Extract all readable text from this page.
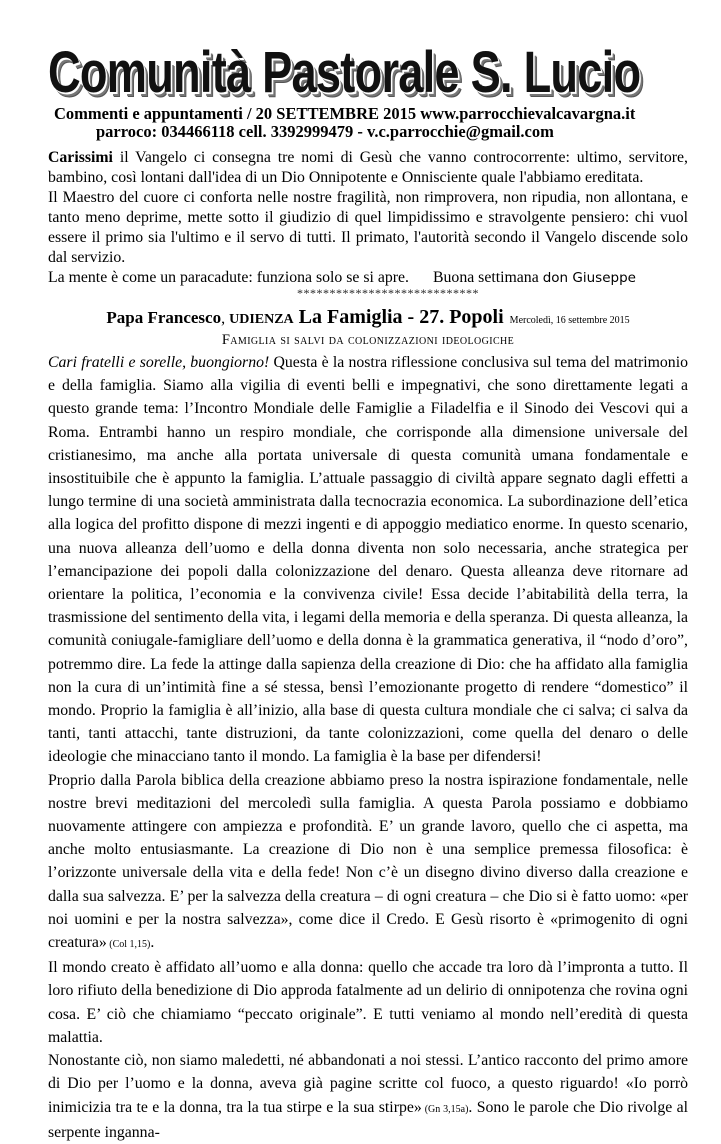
Comunità Pastorale S. Lucio
Commenti e appuntamenti / 20 SETTEMBRE 2015 www.parrocchievalcavargna.it
parroco: 034466118 cell. 3392999479 - v.c.parrocchie@gmail.com

Carissimi il Vangelo ci consegna tre nomi di Gesù che vanno controcorrente: ultimo, servitore, bambino, così lontani dall'idea di un Dio Onnipotente e Onnisciente quale l'abbiamo ereditata.

Il Maestro del cuore ci conforta nelle nostre fragilità, non rimprovera, non ripudia, non allontana, e tanto meno deprime, mette sotto il giudizio di quel limpidissimo e stravolgente pensiero: chi vuol essere il primo sia l'ultimo e il servo di tutti. Il primato, l'autorità secondo il Vangelo discende solo dal servizio.

La mente è come un paracadute: funziona solo se si apre. Buona settimana don Giuseppe

****************************
Papa Francesco, UDIENZA La Famiglia - 27. Popoli Mercoledì, 16 settembre 2015
Famiglia si salvi da colonizzazioni ideologiche

Cari fratelli e sorelle, buongiorno! Questa è la nostra riflessione conclusiva sul tema del matrimonio e della famiglia. Siamo alla vigilia di eventi belli e impegnativi, che sono direttamente legati a questo grande tema: l’Incontro Mondiale delle Famiglie a Filadelfia e il Sinodo dei Vescovi qui a Roma. Entrambi hanno un respiro mondiale, che corrisponde alla dimensione universale del cristianesimo, ma anche alla portata universale di questa comunità umana fondamentale e insostituibile che è appunto la famiglia. L’attuale passaggio di civiltà appare segnato dagli effetti a lungo termine di una società amministrata dalla tecnocrazia economica. La subordinazione dell’etica alla logica del profitto dispone di mezzi ingenti e di appoggio mediatico enorme. In questo scenario, una nuova alleanza dell’uomo e della donna diventa non solo necessaria, anche strategica per l’emancipazione dei popoli dalla colonizzazione del denaro. Questa alleanza deve ritornare ad orientare la politica, l’economia e la convivenza civile! Essa decide l’abitabilità della terra, la trasmissione del sentimento della vita, i legami della memoria e della speranza. Di questa alleanza, la comunità coniugale-famigliare dell’uomo e della donna è la grammatica generativa, il “nodo d’oro”, potremmo dire. La fede la attinge dalla sapienza della creazione di Dio: che ha affidato alla famiglia non la cura di un’intimità fine a sé stessa, bensì l’emozionante progetto di rendere “domestico” il mondo. Proprio la famiglia è all’inizio, alla base di questa cultura mondiale che ci salva; ci salva da tanti, tanti attacchi, tante distruzioni, da tante colonizzazioni, come quella del denaro o delle ideologie che minacciano tanto il mondo. La famiglia è la base per difendersi!

Proprio dalla Parola biblica della creazione abbiamo preso la nostra ispirazione fondamentale, nelle nostre brevi meditazioni del mercoledì sulla famiglia. A questa Parola possiamo e dobbiamo nuovamente attingere con ampiezza e profondità. E’ un grande lavoro, quello che ci aspetta, ma anche molto entusiasmante. La creazione di Dio non è una semplice premessa filosofica: è l’orizzonte universale della vita e della fede! Non c’è un disegno divino diverso dalla creazione e dalla sua salvezza. E’ per la salvezza della creatura – di ogni creatura – che Dio si è fatto uomo: «per noi uomini e per la nostra salvezza», come dice il Credo. E Gesù risorto è «primogenito di ogni creatura» (Col 1,15).

Il mondo creato è affidato all’uomo e alla donna: quello che accade tra loro dà l’impronta a tutto. Il loro rifiuto della benedizione di Dio approda fatalmente ad un delirio di onnipotenza che rovina ogni cosa. E’ ciò che chiamiamo “peccato originale”. E tutti veniamo al mondo nell’eredità di questa malattia.

Nonostante ciò, non siamo maledetti, né abbandonati a noi stessi. L’antico racconto del primo amore di Dio per l’uomo e la donna, aveva già pagine scritte col fuoco, a questo riguardo! «Io porrò inimicizia tra te e la donna, tra la tua stirpe e la sua stirpe» (Gn 3,15a). Sono le parole che Dio rivolge al serpente inganna-
